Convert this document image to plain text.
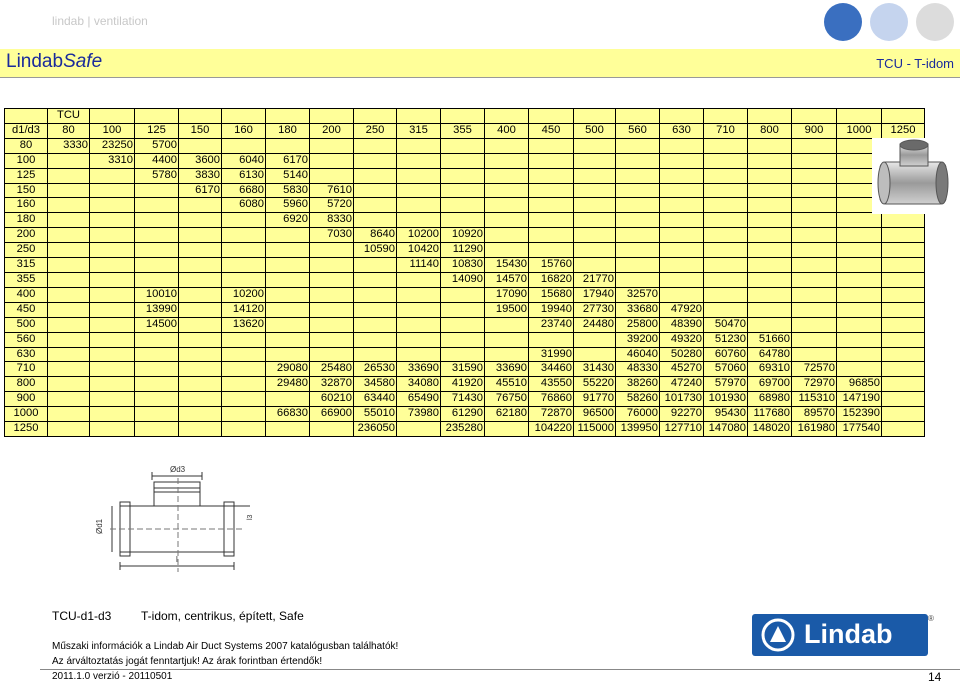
lindab | ventilation
LindabSafe	TCU - T-idom
	TCU																			
d1/d3	80	100	125	150	160	180	200	250	315	355	400	450	500	560	630	710	800	900	1000	1250
80	3330	23250	5700																	
100		3310	4400	3600	6040	6170														
125			5780	3830	6130	5140														
150				6170	6680	5830	7610													
160					6080	5960	5720													
180						6920	8330													
200							7030	8640	10200	10920										
250								10590	10420	11290										
315									11140	10830	15430	15760								
355										14090	14570	16820	21770							
400			10010		10200						17090	15680	17940	32570						
450			13990		14120						19500	19940	27730	33680	47920					
500			14500		13620							23740	24480	25800	48390	50470				
560														39200	49320	51230	51660			
630												31990		46040	50280	60760	64780			
710						29080	25480	26530	33690	31590	33690	34460	31430	48330	45270	57060	69310	72570		
800						29480	32870	34580	34080	41920	45510	43550	55220	38260	47240	57970	69700	72970	96850	
900							60210	63440	65490	71430	76750	76860	91770	58260	101730	101930	68980	115310	147190	
1000						66830	66900	55010	73980	61290	62180	72870	96500	76000	92270	95430	117680	89570	152390	
1250								236050		235280		104220	115000	139950	127710	147080	148020	161980	177540	
Ød3
Ød1
l
l3
TCU-d1-d3 T-idom, centrikus, épített, Safe
Lindab
®
Műszaki információk a Lindab Air Duct Systems 2007 katalógusban találhatók!
Az árváltoztatás jogát fenntartjuk! Az árak forintban értendők!
2011.1.0 verzió - 20110501	14
